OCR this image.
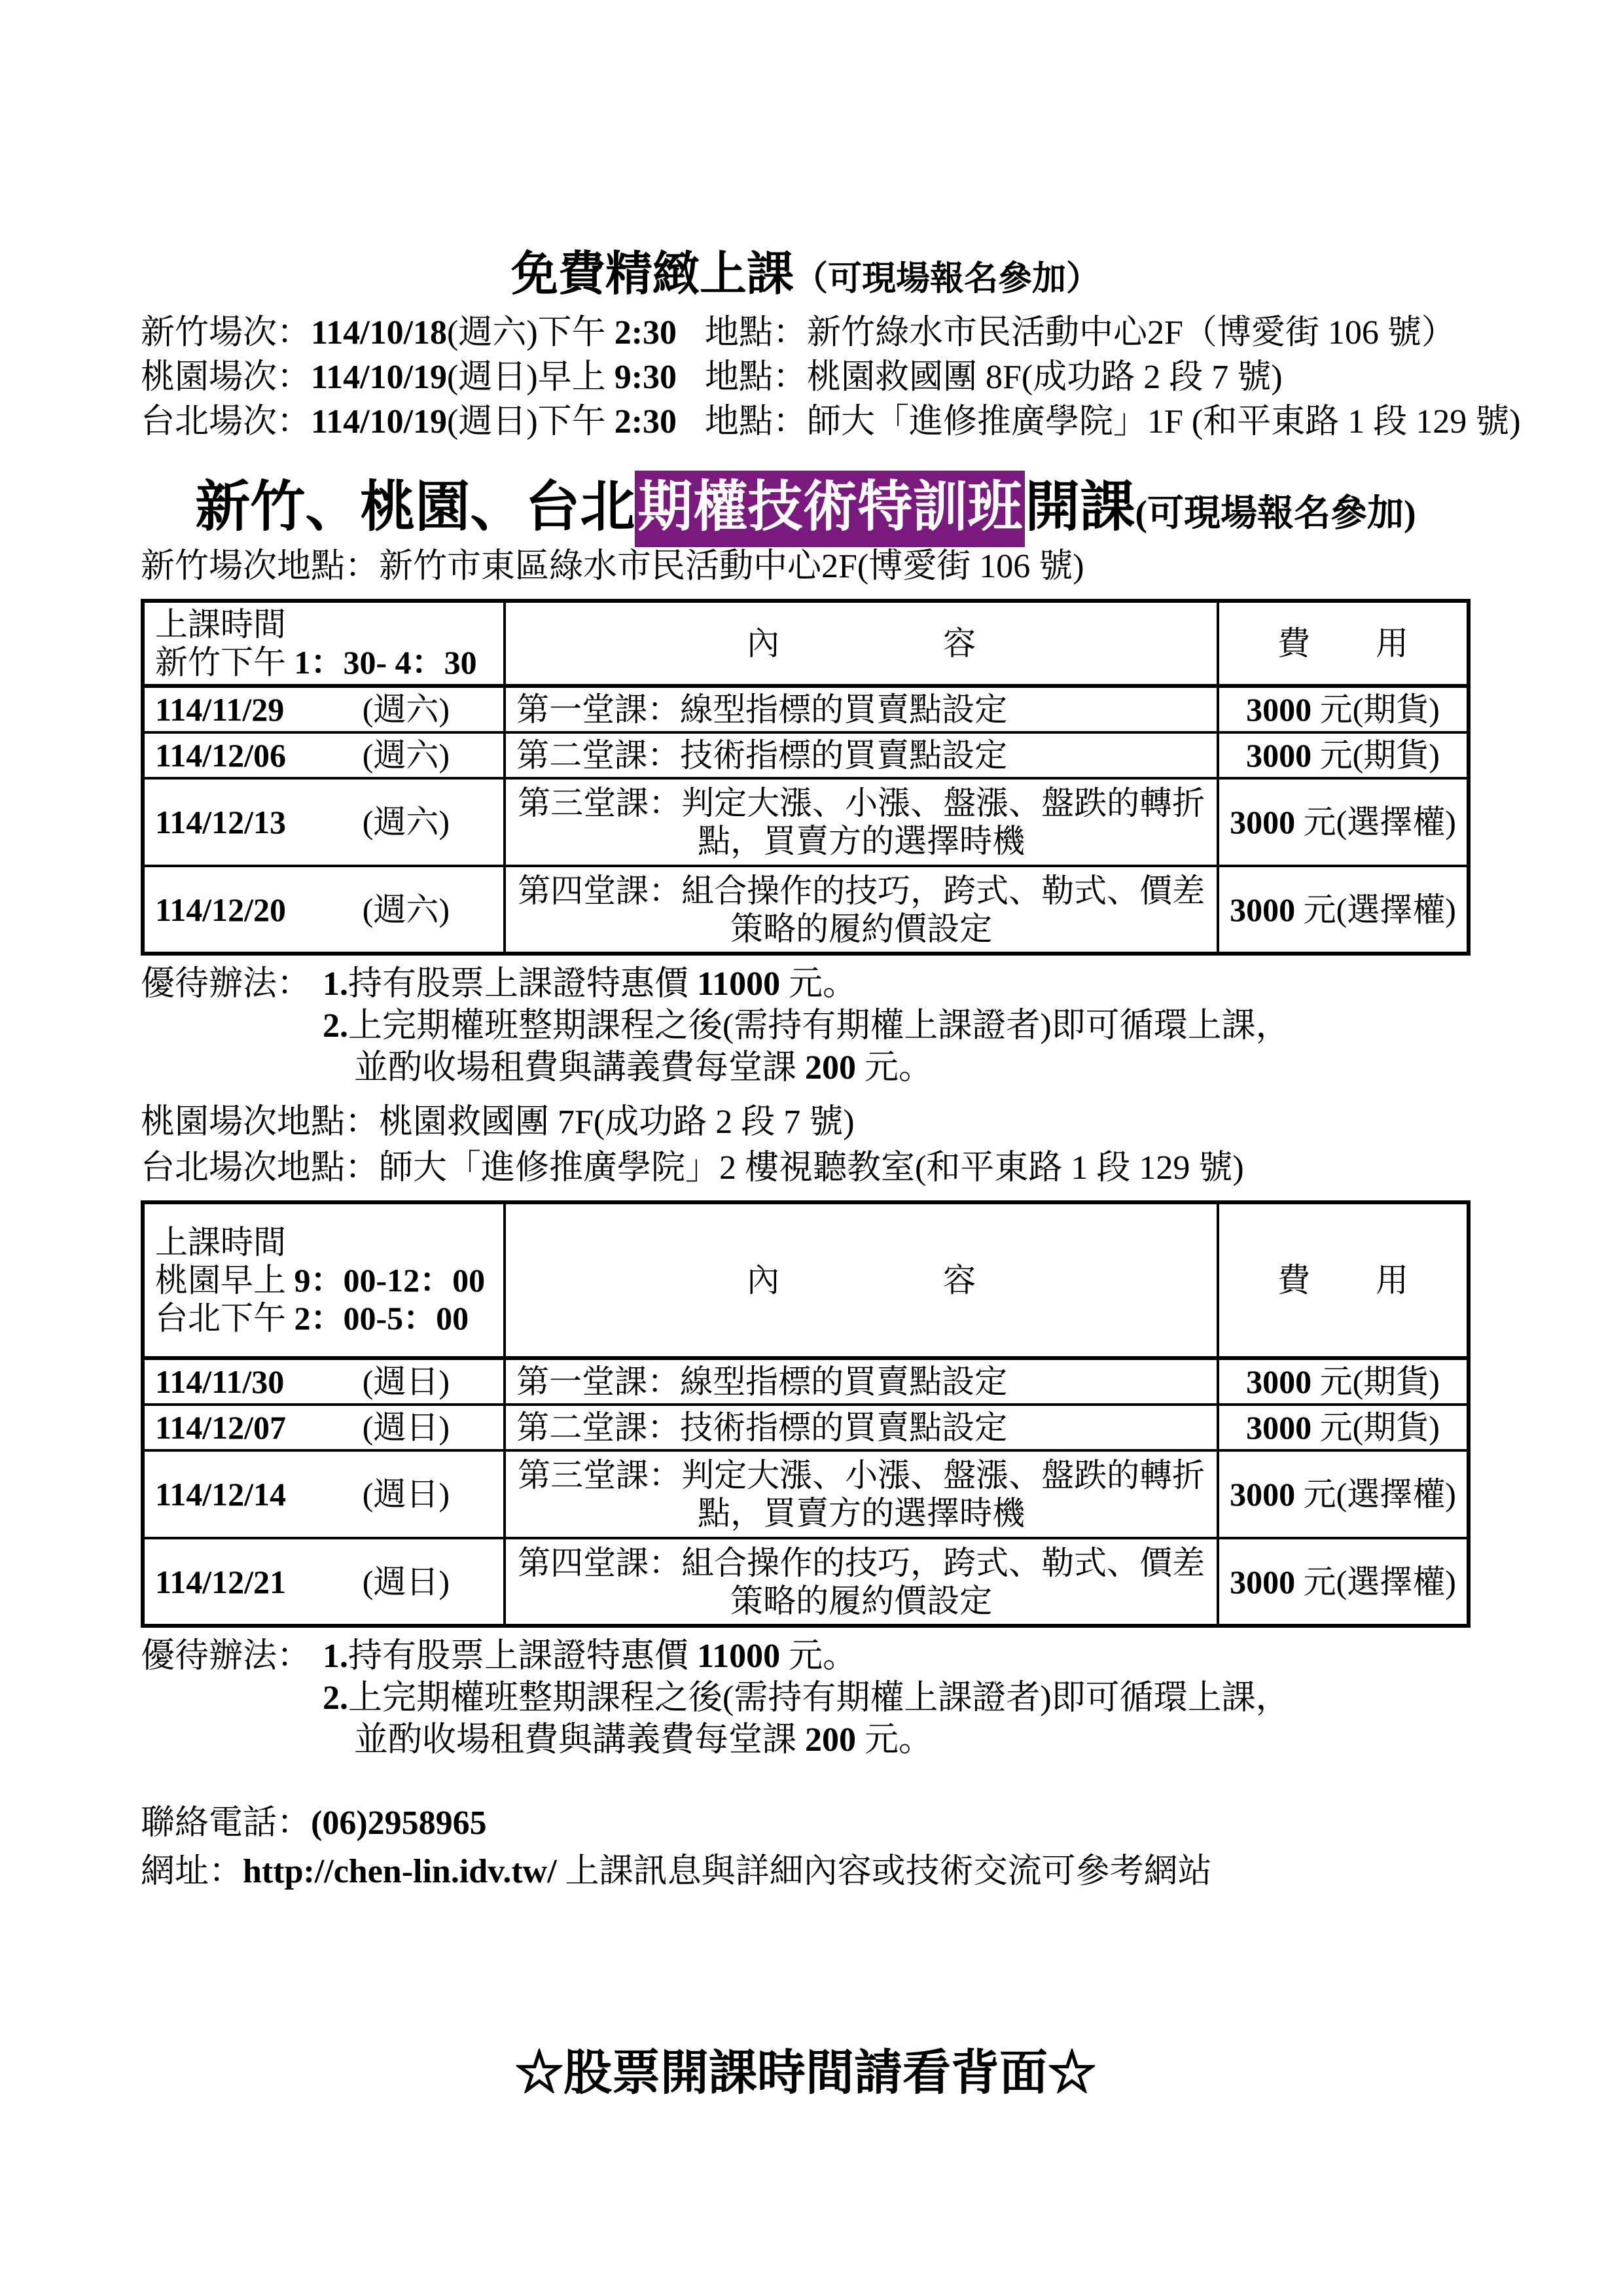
免費精緻上課（可現場報名參加）
新竹場次：114/10/18(週六)下午 2:30 地點：新竹綠水市民活動中心2F（博愛街 106 號）
桃園場次：114/10/19(週日)早上 9:30 地點：桃園救國團 8F(成功路 2 段 7 號)
台北場次：114/10/19(週日)下午 2:30 地點：師大「進修推廣學院」1F (和平東路 1 段 129 號)
新竹、桃園、台北期權技術特訓班開課(可現場報名參加)
新竹場次地點：新竹市東區綠水市民活動中心2F(博愛街 106 號)
上課時間
新竹下午 1：30- 4：30	內　　　　　容	費　　用

114/11/29 (週六)	第一堂課：線型指標的買賣點設定	3000 元(期貨)

114/12/06 (週六)	第二堂課：技術指標的買賣點設定	3000 元(期貨)

114/12/13 (週六)	第三堂課：判定大漲、小漲、盤漲、盤跌的轉折點，買賣方的選擇時機	3000 元(選擇權)

114/12/20 (週六)	第四堂課：組合操作的技巧，跨式、勒式、價差策略的履約價設定	3000 元(選擇權)
優待辦法： 1.持有股票上課證特惠價 11000 元。
2.上完期權班整期課程之後(需持有期權上課證者)即可循環上課，
並酌收場租費與講義費每堂課 200 元。
桃園場次地點：桃園救國團 7F(成功路 2 段 7 號)
台北場次地點：師大「進修推廣學院」2 樓視聽教室(和平東路 1 段 129 號)
上課時間
桃園早上 9：00-12：00
台北下午 2：00-5：00	內　　　　　容	費　　用

114/11/30 (週日)	第一堂課：線型指標的買賣點設定	3000 元(期貨)

114/12/07 (週日)	第二堂課：技術指標的買賣點設定	3000 元(期貨)

114/12/14 (週日)	第三堂課：判定大漲、小漲、盤漲、盤跌的轉折點，買賣方的選擇時機	3000 元(選擇權)

114/12/21 (週日)	第四堂課：組合操作的技巧，跨式、勒式、價差策略的履約價設定	3000 元(選擇權)
優待辦法： 1.持有股票上課證特惠價 11000 元。
2.上完期權班整期課程之後(需持有期權上課證者)即可循環上課，
並酌收場租費與講義費每堂課 200 元。
聯絡電話：(06)2958965
網址：http://chen-lin.idv.tw/ 上課訊息與詳細內容或技術交流可參考網站
☆股票開課時間請看背面☆
